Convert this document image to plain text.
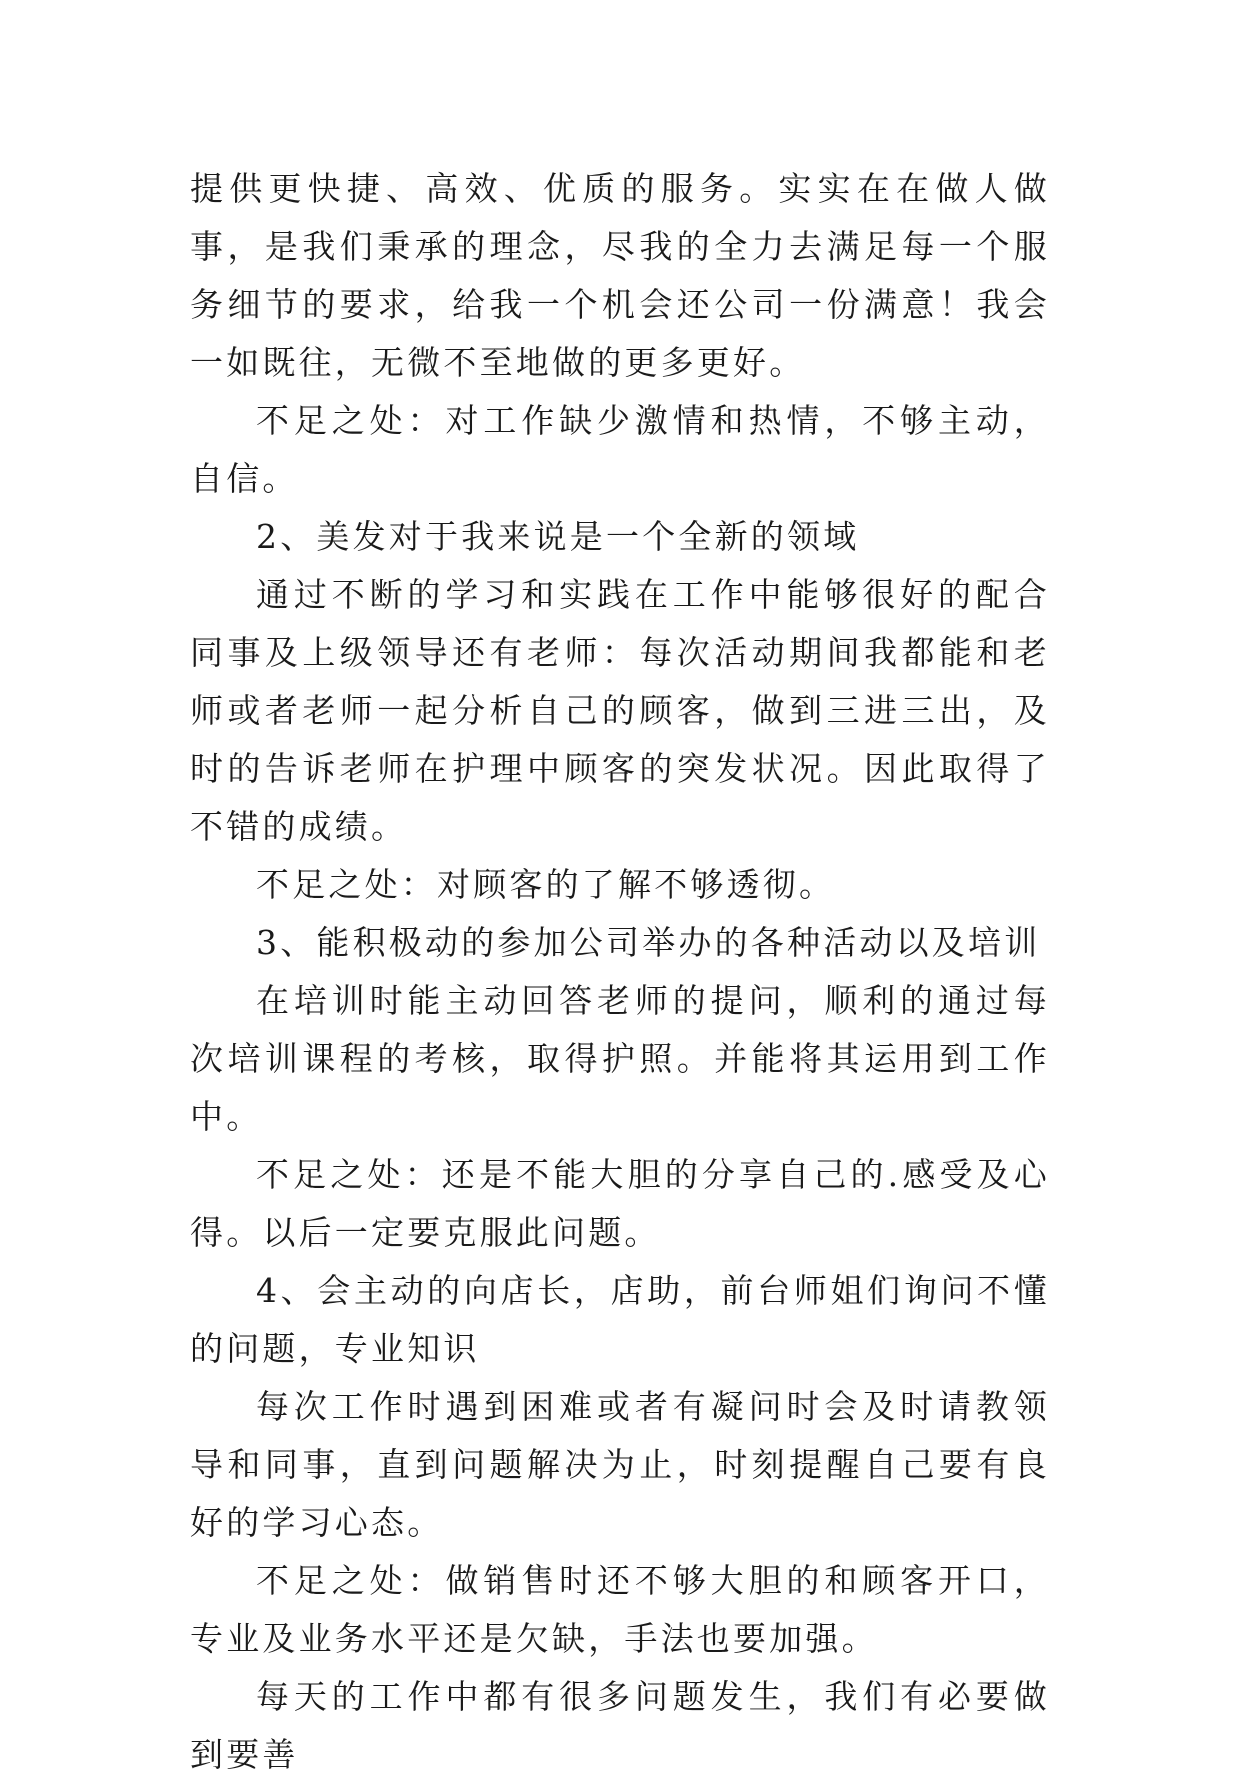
提供更快捷、高效、优质的服务。实实在在做人做事，是我们秉承的理念，尽我的全力去满足每一个服务细节的要求，给我一个机会还公司一份满意！我会一如既往，无微不至地做的更多更好。

不足之处：对工作缺少激情和热情，不够主动，自信。

2、美发对于我来说是一个全新的领域

通过不断的学习和实践在工作中能够很好的配合同事及上级领导还有老师：每次活动期间我都能和老师或者老师一起分析自己的顾客，做到三进三出，及时的告诉老师在护理中顾客的突发状况。因此取得了不错的成绩。

不足之处：对顾客的了解不够透彻。

3、能积极动的参加公司举办的各种活动以及培训

在培训时能主动回答老师的提问，顺利的通过每次培训课程的考核，取得护照。并能将其运用到工作中。

不足之处：还是不能大胆的分享自己的.感受及心得。以后一定要克服此问题。

4、会主动的向店长，店助，前台师姐们询问不懂的问题，专业知识

每次工作时遇到困难或者有凝问时会及时请教领导和同事，直到问题解决为止，时刻提醒自己要有良好的学习心态。

不足之处：做销售时还不够大胆的和顾客开口，专业及业务水平还是欠缺，手法也要加强。

每天的工作中都有很多问题发生，我们有必要做到要善
